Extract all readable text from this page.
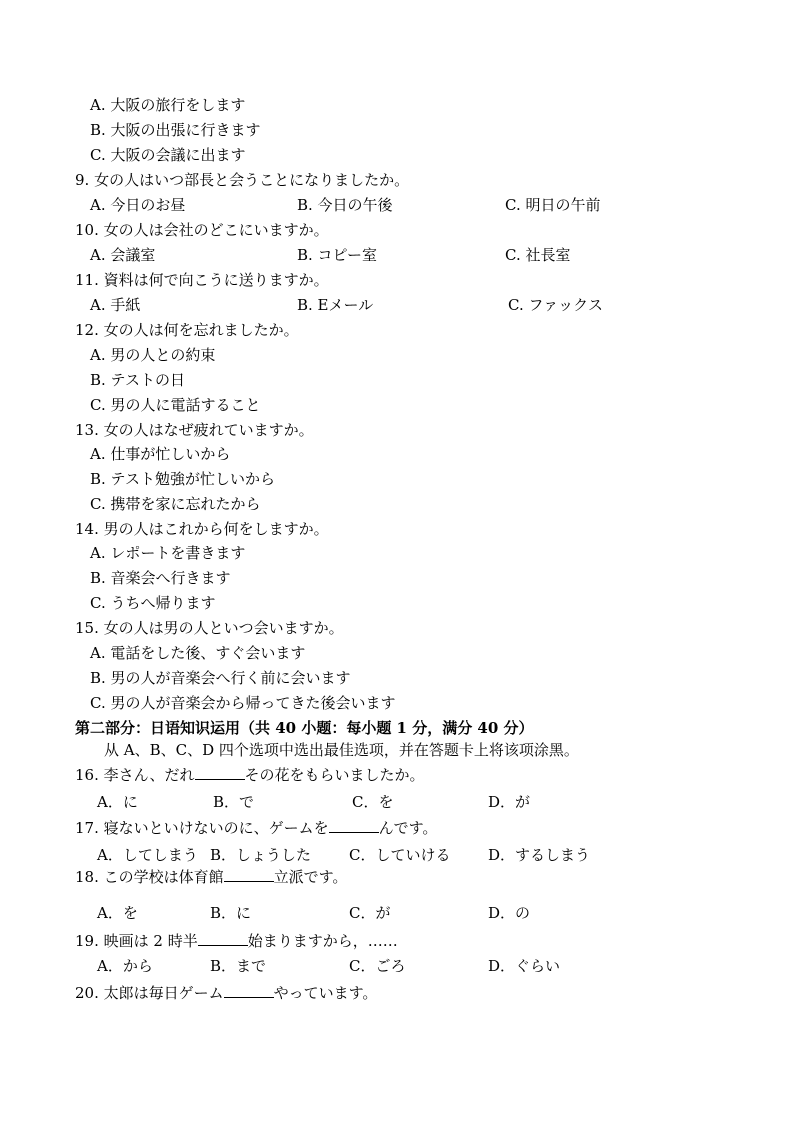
A. 大阪の旅行をします
B. 大阪の出張に行きます
C. 大阪の会議に出ます
9. 女の人はいつ部長と会うことになりましたか。
A. 今日のお昼	B. 今日の午後	C. 明日の午前
10. 女の人は会社のどこにいますか。
A. 会議室	B. コピー室	C. 社長室
11. 資料は何で向こうに送りますか。
A. 手紙	B. Eメール	C. ファックス
12. 女の人は何を忘れましたか。
A. 男の人との約束
B. テストの日
C. 男の人に電話すること
13. 女の人はなぜ疲れていますか。
A. 仕事が忙しいから
B. テスト勉強が忙しいから
C. 携帯を家に忘れたから
14. 男の人はこれから何をしますか。
A. レポートを書きます
B. 音楽会へ行きます
C. うちへ帰ります
15. 女の人は男の人といつ会いますか。
A. 電話をした後、すぐ会います
B. 男の人が音楽会へ行く前に会います
C. 男の人が音楽会から帰ってきた後会います
第二部分：日语知识运用（共 40 小题：每小题 1 分，满分 40 分）
从 A、B、C、D 四个选项中选出最佳选项，并在答题卡上将该项涂黑。
16. 李さん、だれ	その花をもらいましたか。
A．に	B．で	C．を	D．が
17. 寝ないといけないのに、ゲームを	んです。
A．してしまう B．しょうした	C．していける	D．するしまう
18. この学校は体育館	立派です。
A．を	B．に	C．が	D．の
19. 映画は 2 時半	始まりますから，……
A．から	B．まで	C．ごろ	D．ぐらい
20. 太郎は毎日ゲーム	やっています。
